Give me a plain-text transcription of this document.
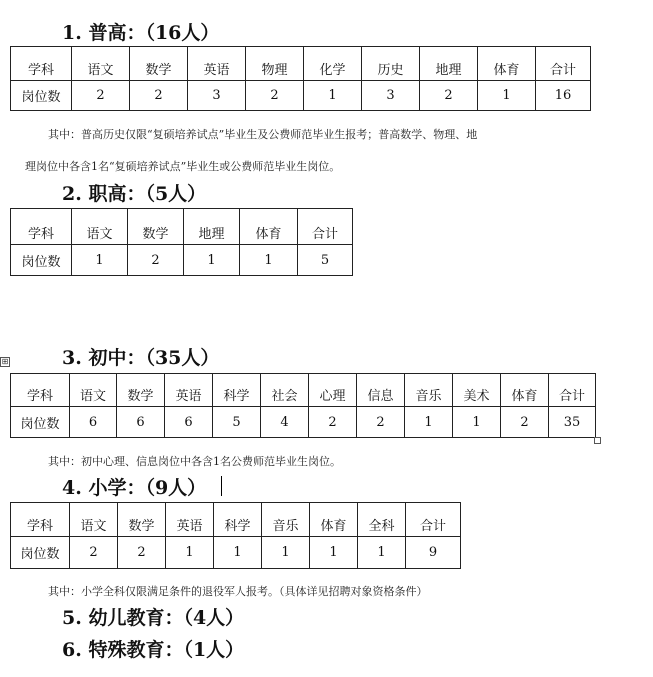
1. 普高：（16人）
学科	语文	数学	英语	物理	化学	历史	地理	体育	合计
岗位数	2	2	3	2	1	3	2	1	16
其中：普高历史仅限“复硕培养试点”毕业生及公费师范毕业生报考；普高数学、物理、地
理岗位中各含1名“复硕培养试点”毕业生或公费师范毕业生岗位。
2. 职高：（5人）
学科	语文	数学	地理	体育	合计
岗位数	1	2	1	1	5
⊞	3. 初中：（35人）
学科	语文	数学	英语	科学	社会	心理	信息	音乐	美术	体育	合计
岗位数	6	6	6	5	4	2	2	1	1	2	35
其中：初中心理、信息岗位中各含1名公费师范毕业生岗位。
4. 小学：（9人）
学科	语文	数学	英语	科学	音乐	体育	全科	合计
岗位数	2	2	1	1	1	1	1	9
其中：小学全科仅限满足条件的退役军人报考。（具体详见招聘对象资格条件）
5. 幼儿教育：（4人）
6. 特殊教育：（1人）
